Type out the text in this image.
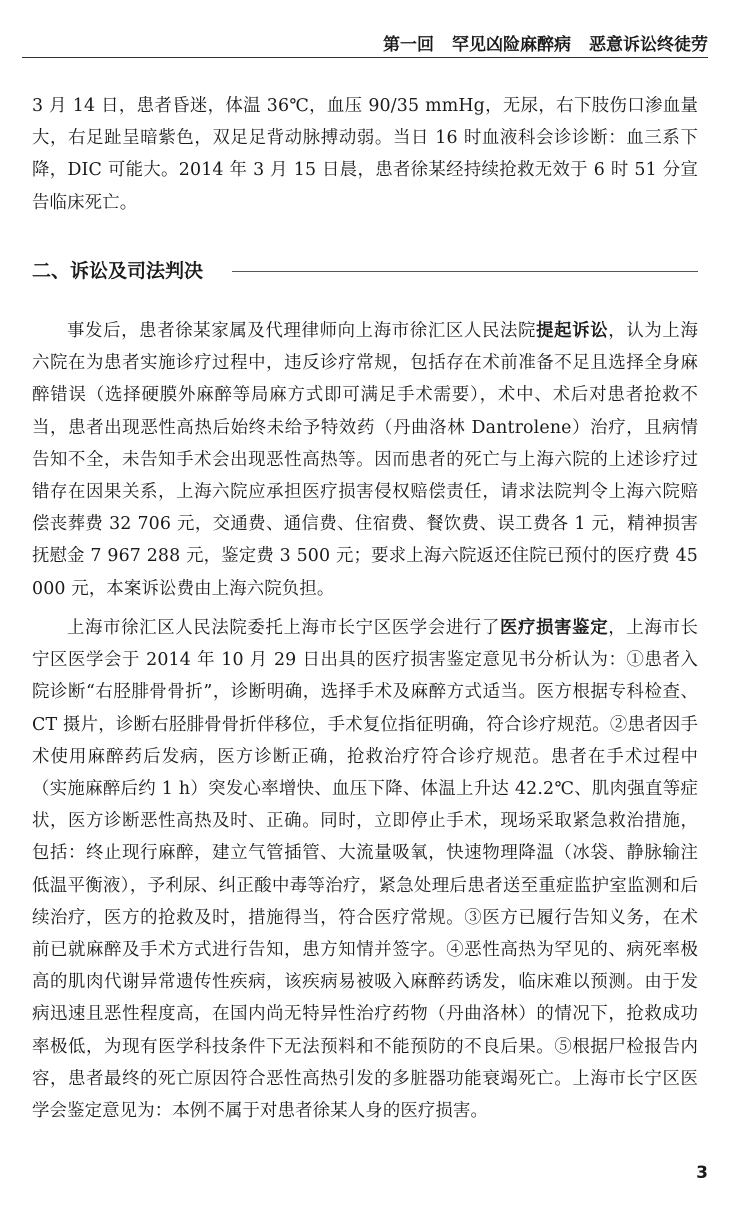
第一回 罕见凶险麻醉病 恶意诉讼终徒劳
3 月 14 日，患者昏迷，体温 36℃，血压 90/35 mmHg，无尿，右下肢伤口渗血量大，右足趾呈暗紫色，双足足背动脉搏动弱。当日 16 时血液科会诊诊断：血三系下降，DIC 可能大。2014 年 3 月 15 日晨，患者徐某经持续抢救无效于 6 时 51 分宣告临床死亡。
二、诉讼及司法判决
事发后，患者徐某家属及代理律师向上海市徐汇区人民法院提起诉讼，认为上海六院在为患者实施诊疗过程中，违反诊疗常规，包括存在术前准备不足且选择全身麻醉错误（选择硬膜外麻醉等局麻方式即可满足手术需要），术中、术后对患者抢救不当，患者出现恶性高热后始终未给予特效药（丹曲洛林 Dantrolene）治疗，且病情告知不全，未告知手术会出现恶性高热等。因而患者的死亡与上海六院的上述诊疗过错存在因果关系，上海六院应承担医疗损害侵权赔偿责任，请求法院判令上海六院赔偿丧葬费 32 706 元，交通费、通信费、住宿费、餐饮费、误工费各 1 元，精神损害抚慰金 7 967 288 元，鉴定费 3 500 元；要求上海六院返还住院已预付的医疗费 45 000 元，本案诉讼费由上海六院负担。
上海市徐汇区人民法院委托上海市长宁区医学会进行了医疗损害鉴定，上海市长宁区医学会于 2014 年 10 月 29 日出具的医疗损害鉴定意见书分析认为：①患者入院诊断“右胫腓骨骨折”，诊断明确，选择手术及麻醉方式适当。医方根据专科检查、CT 摄片，诊断右胫腓骨骨折伴移位，手术复位指征明确，符合诊疗规范。②患者因手术使用麻醉药后发病，医方诊断正确，抢救治疗符合诊疗规范。患者在手术过程中（实施麻醉后约 1 h）突发心率增快、血压下降、体温上升达 42.2℃、肌肉强直等症状，医方诊断恶性高热及时、正确。同时，立即停止手术，现场采取紧急救治措施，包括：终止现行麻醉，建立气管插管、大流量吸氧，快速物理降温（冰袋、静脉输注低温平衡液），予利尿、纠正酸中毒等治疗，紧急处理后患者送至重症监护室监测和后续治疗，医方的抢救及时，措施得当，符合医疗常规。③医方已履行告知义务，在术前已就麻醉及手术方式进行告知，患方知情并签字。④恶性高热为罕见的、病死率极高的肌肉代谢异常遗传性疾病，该疾病易被吸入麻醉药诱发，临床难以预测。由于发病迅速且恶性程度高，在国内尚无特异性治疗药物（丹曲洛林）的情况下，抢救成功率极低，为现有医学科技条件下无法预料和不能预防的不良后果。⑤根据尸检报告内容，患者最终的死亡原因符合恶性高热引发的多脏器功能衰竭死亡。上海市长宁区医学会鉴定意见为：本例不属于对患者徐某人身的医疗损害。
3
